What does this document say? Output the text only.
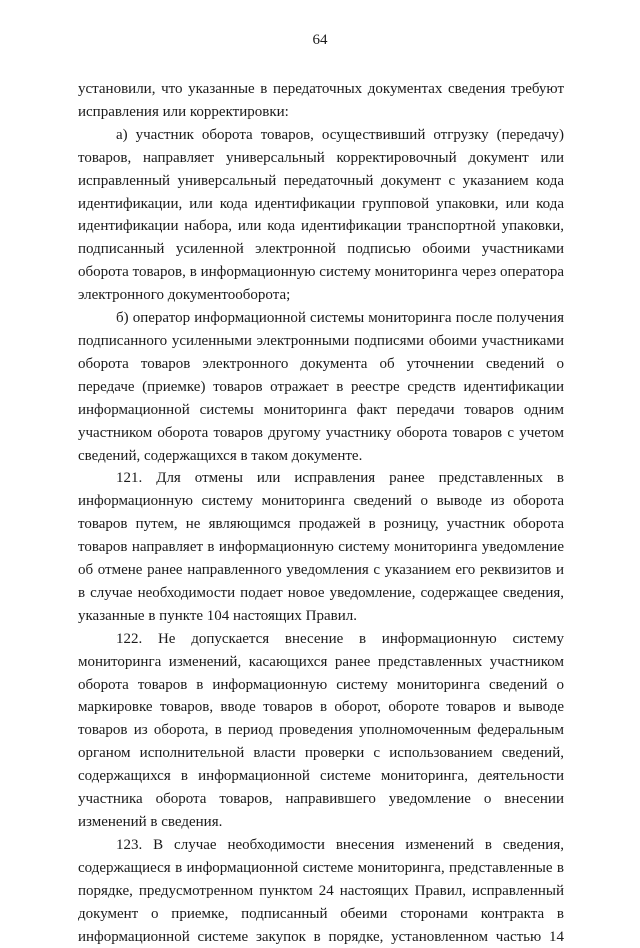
64

установили, что указанные в передаточных документах сведения требуют исправления или корректировки:

а) участник оборота товаров, осуществивший отгрузку (передачу) товаров, направляет универсальный корректировочный документ или исправленный универсальный передаточный документ с указанием кода идентификации, или кода идентификации групповой упаковки, или кода идентификации набора, или кода идентификации транспортной упаковки, подписанный усиленной электронной подписью обоими участниками оборота товаров, в информационную систему мониторинга через оператора электронного документооборота;

б) оператор информационной системы мониторинга после получения подписанного усиленными электронными подписями обоими участниками оборота товаров электронного документа об уточнении сведений о передаче (приемке) товаров отражает в реестре средств идентификации информационной системы мониторинга факт передачи товаров одним участником оборота товаров другому участнику оборота товаров с учетом сведений, содержащихся в таком документе.

121. Для отмены или исправления ранее представленных в информационную систему мониторинга сведений о выводе из оборота товаров путем, не являющимся продажей в розницу, участник оборота товаров направляет в информационную систему мониторинга уведомление об отмене ранее направленного уведомления с указанием его реквизитов и в случае необходимости подает новое уведомление, содержащее сведения, указанные в пункте 104 настоящих Правил.

122. Не допускается внесение в информационную систему мониторинга изменений, касающихся ранее представленных участником оборота товаров в информационную систему мониторинга сведений о маркировке товаров, вводе товаров в оборот, обороте товаров и выводе товаров из оборота, в период проведения уполномоченным федеральным органом исполнительной власти проверки с использованием сведений, содержащихся в информационной системе мониторинга, деятельности участника оборота товаров, направившего уведомление о внесении изменений в сведения.

123. В случае необходимости внесения изменений в сведения, содержащиеся в информационной системе мониторинга, представленные в порядке, предусмотренном пунктом 24 настоящих Правил, исправленный документ о приемке, подписанный обеими сторонами контракта в информационной системе закупок в порядке, установленном частью 14
